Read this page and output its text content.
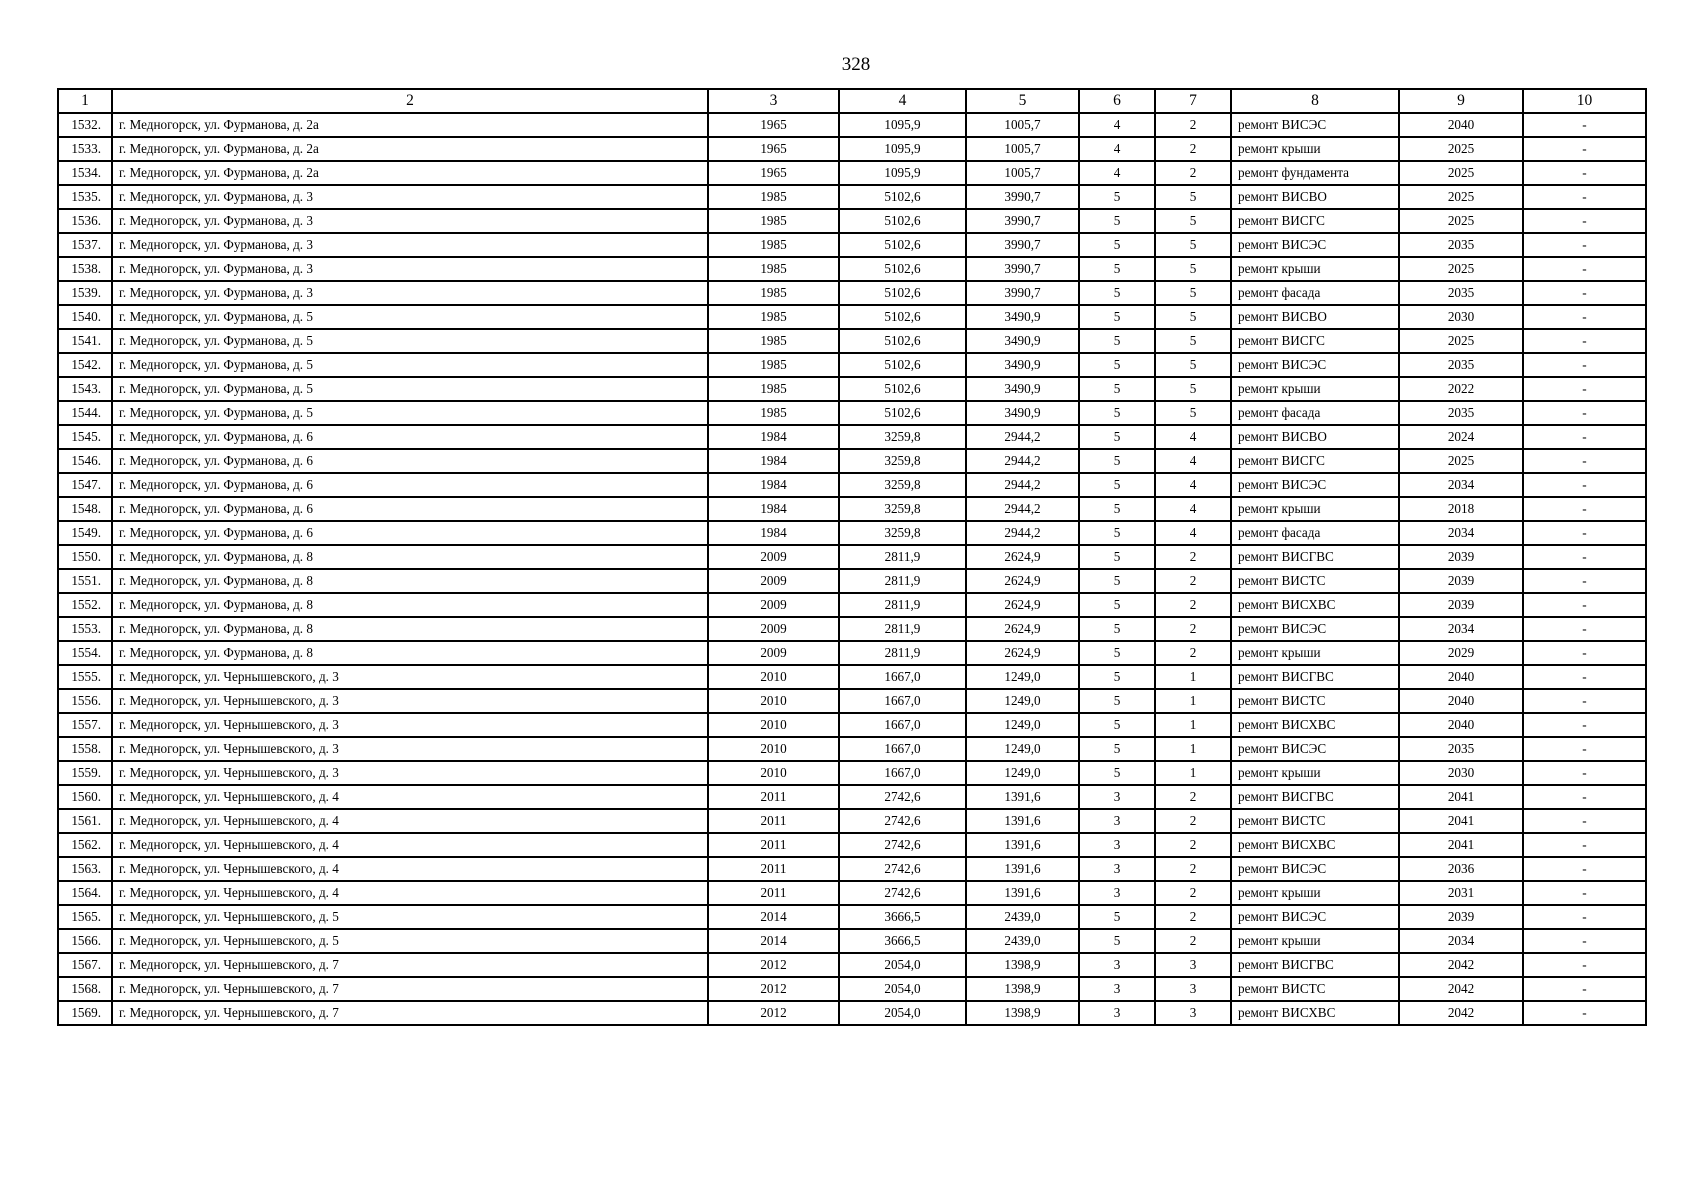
328
1	2	3	4	5	6	7	8	9	10
1532.	г. Медногорск, ул. Фурманова, д. 2а	1965	1095,9	1005,7	4	2	ремонт ВИСЭС	2040	-
1533.	г. Медногорск, ул. Фурманова, д. 2а	1965	1095,9	1005,7	4	2	ремонт крыши	2025	-
1534.	г. Медногорск, ул. Фурманова, д. 2а	1965	1095,9	1005,7	4	2	ремонт фундамента	2025	-
1535.	г. Медногорск, ул. Фурманова, д. 3	1985	5102,6	3990,7	5	5	ремонт ВИСВО	2025	-
1536.	г. Медногорск, ул. Фурманова, д. 3	1985	5102,6	3990,7	5	5	ремонт ВИСГС	2025	-
1537.	г. Медногорск, ул. Фурманова, д. 3	1985	5102,6	3990,7	5	5	ремонт ВИСЭС	2035	-
1538.	г. Медногорск, ул. Фурманова, д. 3	1985	5102,6	3990,7	5	5	ремонт крыши	2025	-
1539.	г. Медногорск, ул. Фурманова, д. 3	1985	5102,6	3990,7	5	5	ремонт фасада	2035	-
1540.	г. Медногорск, ул. Фурманова, д. 5	1985	5102,6	3490,9	5	5	ремонт ВИСВО	2030	-
1541.	г. Медногорск, ул. Фурманова, д. 5	1985	5102,6	3490,9	5	5	ремонт ВИСГС	2025	-
1542.	г. Медногорск, ул. Фурманова, д. 5	1985	5102,6	3490,9	5	5	ремонт ВИСЭС	2035	-
1543.	г. Медногорск, ул. Фурманова, д. 5	1985	5102,6	3490,9	5	5	ремонт крыши	2022	-
1544.	г. Медногорск, ул. Фурманова, д. 5	1985	5102,6	3490,9	5	5	ремонт фасада	2035	-
1545.	г. Медногорск, ул. Фурманова, д. 6	1984	3259,8	2944,2	5	4	ремонт ВИСВО	2024	-
1546.	г. Медногорск, ул. Фурманова, д. 6	1984	3259,8	2944,2	5	4	ремонт ВИСГС	2025	-
1547.	г. Медногорск, ул. Фурманова, д. 6	1984	3259,8	2944,2	5	4	ремонт ВИСЭС	2034	-
1548.	г. Медногорск, ул. Фурманова, д. 6	1984	3259,8	2944,2	5	4	ремонт крыши	2018	-
1549.	г. Медногорск, ул. Фурманова, д. 6	1984	3259,8	2944,2	5	4	ремонт фасада	2034	-
1550.	г. Медногорск, ул. Фурманова, д. 8	2009	2811,9	2624,9	5	2	ремонт ВИСГВС	2039	-
1551.	г. Медногорск, ул. Фурманова, д. 8	2009	2811,9	2624,9	5	2	ремонт ВИСТС	2039	-
1552.	г. Медногорск, ул. Фурманова, д. 8	2009	2811,9	2624,9	5	2	ремонт ВИСХВС	2039	-
1553.	г. Медногорск, ул. Фурманова, д. 8	2009	2811,9	2624,9	5	2	ремонт ВИСЭС	2034	-
1554.	г. Медногорск, ул. Фурманова, д. 8	2009	2811,9	2624,9	5	2	ремонт крыши	2029	-
1555.	г. Медногорск, ул. Чернышевского, д. 3	2010	1667,0	1249,0	5	1	ремонт ВИСГВС	2040	-
1556.	г. Медногорск, ул. Чернышевского, д. 3	2010	1667,0	1249,0	5	1	ремонт ВИСТС	2040	-
1557.	г. Медногорск, ул. Чернышевского, д. 3	2010	1667,0	1249,0	5	1	ремонт ВИСХВС	2040	-
1558.	г. Медногорск, ул. Чернышевского, д. 3	2010	1667,0	1249,0	5	1	ремонт ВИСЭС	2035	-
1559.	г. Медногорск, ул. Чернышевского, д. 3	2010	1667,0	1249,0	5	1	ремонт крыши	2030	-
1560.	г. Медногорск, ул. Чернышевского, д. 4	2011	2742,6	1391,6	3	2	ремонт ВИСГВС	2041	-
1561.	г. Медногорск, ул. Чернышевского, д. 4	2011	2742,6	1391,6	3	2	ремонт ВИСТС	2041	-
1562.	г. Медногорск, ул. Чернышевского, д. 4	2011	2742,6	1391,6	3	2	ремонт ВИСХВС	2041	-
1563.	г. Медногорск, ул. Чернышевского, д. 4	2011	2742,6	1391,6	3	2	ремонт ВИСЭС	2036	-
1564.	г. Медногорск, ул. Чернышевского, д. 4	2011	2742,6	1391,6	3	2	ремонт крыши	2031	-
1565.	г. Медногорск, ул. Чернышевского, д. 5	2014	3666,5	2439,0	5	2	ремонт ВИСЭС	2039	-
1566.	г. Медногорск, ул. Чернышевского, д. 5	2014	3666,5	2439,0	5	2	ремонт крыши	2034	-
1567.	г. Медногорск, ул. Чернышевского, д. 7	2012	2054,0	1398,9	3	3	ремонт ВИСГВС	2042	-
1568.	г. Медногорск, ул. Чернышевского, д. 7	2012	2054,0	1398,9	3	3	ремонт ВИСТС	2042	-
1569.	г. Медногорск, ул. Чернышевского, д. 7	2012	2054,0	1398,9	3	3	ремонт ВИСХВС	2042	-
